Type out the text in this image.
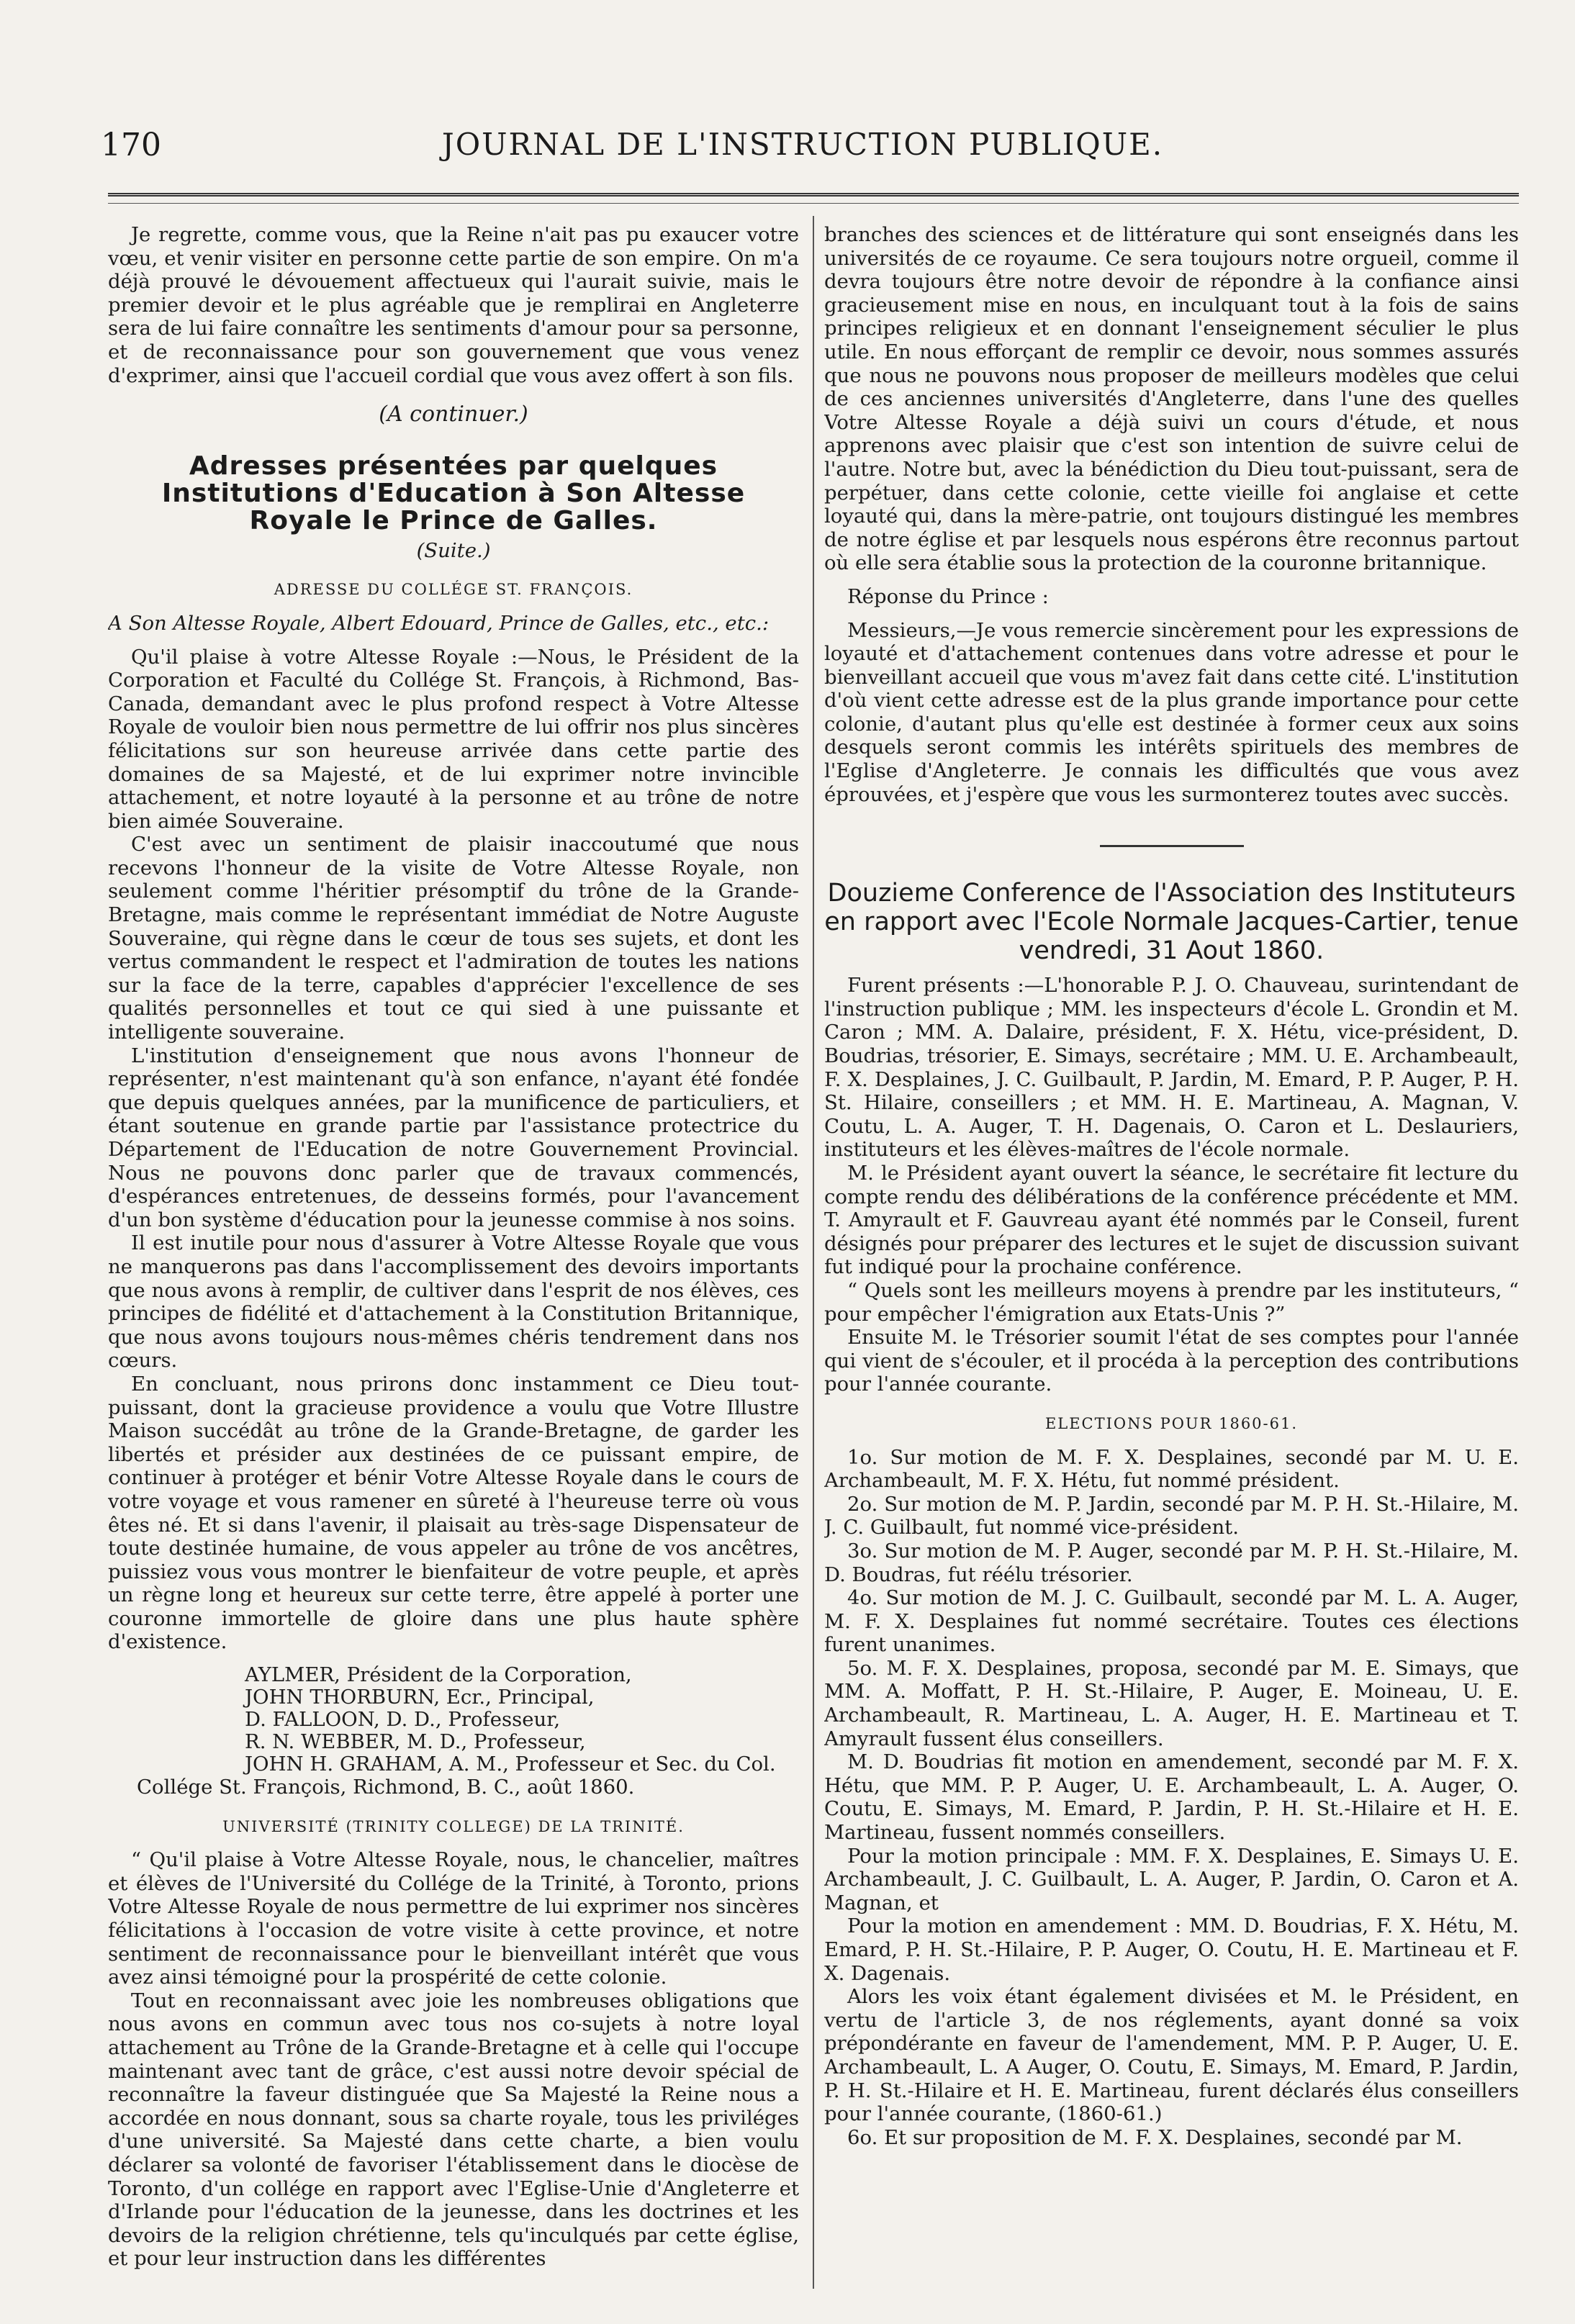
170	JOURNAL DE L'INSTRUCTION PUBLIQUE.

Je regrette, comme vous, que la Reine n'ait pas pu exaucer votre vœu, et venir visiter en personne cette partie de son empire. On m'a déjà prouvé le dévouement affectueux qui l'aurait suivie, mais le premier devoir et le plus agréable que je remplirai en Angleterre sera de lui faire connaître les sentiments d'amour pour sa personne, et de reconnaissance pour son gouvernement que vous venez d'exprimer, ainsi que l'accueil cordial que vous avez offert à son fils.

(A continuer.)

Adresses présentées par quelques Institutions d'Education à Son Altesse Royale le Prince de Galles.

(Suite.)

ADRESSE DU COLLÉGE ST. FRANÇOIS.

A Son Altesse Royale, Albert Edouard, Prince de Galles, etc., etc.:

Qu'il plaise à votre Altesse Royale :—Nous, le Président de la Corporation et Faculté du Collége St. François, à Richmond, Bas-Canada, demandant avec le plus profond respect à Votre Altesse Royale de vouloir bien nous permettre de lui offrir nos plus sincères félicitations sur son heureuse arrivée dans cette partie des domaines de sa Majesté, et de lui exprimer notre invincible attachement, et notre loyauté à la personne et au trône de notre bien aimée Souveraine.

C'est avec un sentiment de plaisir inaccoutumé que nous recevons l'honneur de la visite de Votre Altesse Royale, non seulement comme l'héritier présomptif du trône de la Grande-Bretagne, mais comme le représentant immédiat de Notre Auguste Souveraine, qui règne dans le cœur de tous ses sujets, et dont les vertus commandent le respect et l'admiration de toutes les nations sur la face de la terre, capables d'apprécier l'excellence de ses qualités personnelles et tout ce qui sied à une puissante et intelligente souveraine.

L'institution d'enseignement que nous avons l'honneur de représenter, n'est maintenant qu'à son enfance, n'ayant été fondée que depuis quelques années, par la munificence de particuliers, et étant soutenue en grande partie par l'assistance protectrice du Département de l'Education de notre Gouvernement Provincial. Nous ne pouvons donc parler que de travaux commencés, d'espérances entretenues, de desseins formés, pour l'avancement d'un bon système d'éducation pour la jeunesse commise à nos soins.

Il est inutile pour nous d'assurer à Votre Altesse Royale que vous ne manquerons pas dans l'accomplissement des devoirs importants que nous avons à remplir, de cultiver dans l'esprit de nos élèves, ces principes de fidélité et d'attachement à la Constitution Britannique, que nous avons toujours nous-mêmes chéris tendrement dans nos cœurs.

En concluant, nous prirons donc instamment ce Dieu tout-puissant, dont la gracieuse providence a voulu que Votre Illustre Maison succédât au trône de la Grande-Bretagne, de garder les libertés et présider aux destinées de ce puissant empire, de continuer à protéger et bénir Votre Altesse Royale dans le cours de votre voyage et vous ramener en sûreté à l'heureuse terre où vous êtes né. Et si dans l'avenir, il plaisait au très-sage Dispensateur de toute destinée humaine, de vous appeler au trône de vos ancêtres, puissiez vous vous montrer le bienfaiteur de votre peuple, et après un règne long et heureux sur cette terre, être appelé à porter une couronne immortelle de gloire dans une plus haute sphère d'existence.

AYLMER, Président de la Corporation,

JOHN THORBURN, Ecr., Principal,

D. FALLOON, D. D., Professeur,

R. N. WEBBER, M. D., Professeur,

JOHN H. GRAHAM, A. M., Professeur et Sec. du Col.

Collége St. François, Richmond, B. C., août 1860.

UNIVERSITÉ (TRINITY COLLEGE) DE LA TRINITÉ.

“ Qu'il plaise à Votre Altesse Royale, nous, le chancelier, maîtres et élèves de l'Université du Collége de la Trinité, à Toronto, prions Votre Altesse Royale de nous permettre de lui exprimer nos sincères félicitations à l'occasion de votre visite à cette province, et notre sentiment de reconnaissance pour le bienveillant intérêt que vous avez ainsi témoigné pour la prospérité de cette colonie.

Tout en reconnaissant avec joie les nombreuses obligations que nous avons en commun avec tous nos co-sujets à notre loyal attachement au Trône de la Grande-Bretagne et à celle qui l'occupe maintenant avec tant de grâce, c'est aussi notre devoir spécial de reconnaître la faveur distinguée que Sa Majesté la Reine nous a accordée en nous donnant, sous sa charte royale, tous les priviléges d'une université. Sa Majesté dans cette charte, a bien voulu déclarer sa volonté de favoriser l'établissement dans le diocèse de Toronto, d'un collége en rapport avec l'Eglise-Unie d'Angleterre et d'Irlande pour l'éducation de la jeunesse, dans les doctrines et les devoirs de la religion chrétienne, tels qu'inculqués par cette église, et pour leur instruction dans les différentes

branches des sciences et de littérature qui sont enseignés dans les universités de ce royaume. Ce sera toujours notre orgueil, comme il devra toujours être notre devoir de répondre à la confiance ainsi gracieusement mise en nous, en inculquant tout à la fois de sains principes religieux et en donnant l'enseignement séculier le plus utile. En nous efforçant de remplir ce devoir, nous sommes assurés que nous ne pouvons nous proposer de meilleurs modèles que celui de ces anciennes universités d'Angleterre, dans l'une des quelles Votre Altesse Royale a déjà suivi un cours d'étude, et nous apprenons avec plaisir que c'est son intention de suivre celui de l'autre. Notre but, avec la bénédiction du Dieu tout-puissant, sera de perpétuer, dans cette colonie, cette vieille foi anglaise et cette loyauté qui, dans la mère-patrie, ont toujours distingué les membres de notre église et par lesquels nous espérons être reconnus partout où elle sera établie sous la protection de la couronne britannique.

Réponse du Prince :

Messieurs,—Je vous remercie sincèrement pour les expressions de loyauté et d'attachement contenues dans votre adresse et pour le bienveillant accueil que vous m'avez fait dans cette cité. L'institution d'où vient cette adresse est de la plus grande importance pour cette colonie, d'autant plus qu'elle est destinée à former ceux aux soins desquels seront commis les intérêts spirituels des membres de l'Eglise d'Angleterre. Je connais les difficultés que vous avez éprouvées, et j'espère que vous les surmonterez toutes avec succès.

Douzieme Conference de l'Association des Instituteurs en rapport avec l'Ecole Normale Jacques-Cartier, tenue vendredi, 31 Aout 1860.

Furent présents :—L'honorable P. J. O. Chauveau, surintendant de l'instruction publique ; MM. les inspecteurs d'école L. Grondin et M. Caron ; MM. A. Dalaire, président, F. X. Hétu, vice-président, D. Boudrias, trésorier, E. Simays, secrétaire ; MM. U. E. Archambeault, F. X. Desplaines, J. C. Guilbault, P. Jardin, M. Emard, P. P. Auger, P. H. St. Hilaire, conseillers ; et MM. H. E. Martineau, A. Magnan, V. Coutu, L. A. Auger, T. H. Dagenais, O. Caron et L. Deslauriers, instituteurs et les élèves-maîtres de l'école normale.

M. le Président ayant ouvert la séance, le secrétaire fit lecture du compte rendu des délibérations de la conférence précédente et MM. T. Amyrault et F. Gauvreau ayant été nommés par le Conseil, furent désignés pour préparer des lectures et le sujet de discussion suivant fut indiqué pour la prochaine conférence.

“ Quels sont les meilleurs moyens à prendre par les instituteurs, “ pour empêcher l'émigration aux Etats-Unis ?”

Ensuite M. le Trésorier soumit l'état de ses comptes pour l'année qui vient de s'écouler, et il procéda à la perception des contributions pour l'année courante.

ELECTIONS POUR 1860-61.

1o. Sur motion de M. F. X. Desplaines, secondé par M. U. E. Archambeault, M. F. X. Hétu, fut nommé président.

2o. Sur motion de M. P. Jardin, secondé par M. P. H. St.-Hilaire, M. J. C. Guilbault, fut nommé vice-président.

3o. Sur motion de M. P. Auger, secondé par M. P. H. St.-Hilaire, M. D. Boudras, fut réélu trésorier.

4o. Sur motion de M. J. C. Guilbault, secondé par M. L. A. Auger, M. F. X. Desplaines fut nommé secrétaire. Toutes ces élections furent unanimes.

5o. M. F. X. Desplaines, proposa, secondé par M. E. Simays, que MM. A. Moffatt, P. H. St.-Hilaire, P. Auger, E. Moineau, U. E. Archambeault, R. Martineau, L. A. Auger, H. E. Martineau et T. Amyrault fussent élus conseillers.

M. D. Boudrias fit motion en amendement, secondé par M. F. X. Hétu, que MM. P. P. Auger, U. E. Archambeault, L. A. Auger, O. Coutu, E. Simays, M. Emard, P. Jardin, P. H. St.-Hilaire et H. E. Martineau, fussent nommés conseillers.

Pour la motion principale : MM. F. X. Desplaines, E. Simays U. E. Archambeault, J. C. Guilbault, L. A. Auger, P. Jardin, O. Caron et A. Magnan, et

Pour la motion en amendement : MM. D. Boudrias, F. X. Hétu, M. Emard, P. H. St.-Hilaire, P. P. Auger, O. Coutu, H. E. Martineau et F. X. Dagenais.

Alors les voix étant également divisées et M. le Président, en vertu de l'article 3, de nos réglements, ayant donné sa voix prépondérante en faveur de l'amendement, MM. P. P. Auger, U. E. Archambeault, L. A Auger, O. Coutu, E. Simays, M. Emard, P. Jardin, P. H. St.-Hilaire et H. E. Martineau, furent déclarés élus conseillers pour l'année courante, (1860-61.)

6o. Et sur proposition de M. F. X. Desplaines, secondé par M.
